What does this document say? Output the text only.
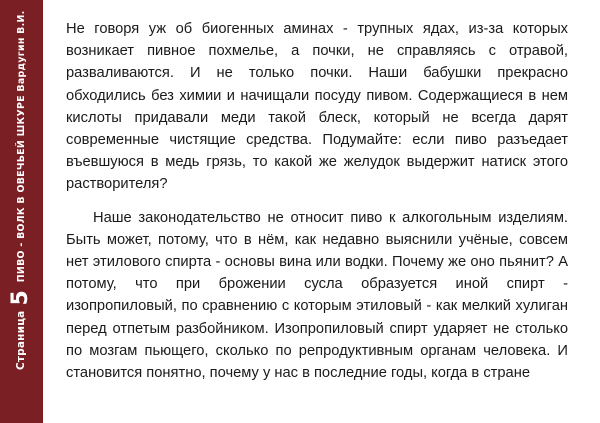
Страница
5
ПИВО - ВОЛК В ОВЕЧЬЕЙ ШКУРЕ Вардугин В.И.	Не говоря уж об биогенных аминах - трупных ядах, из-за которых возникает пивное похмелье, а почки, не справляясь с отравой, разваливаются. И не только почки. Наши бабушки прекрасно обходились без химии и начищали посуду пивом. Содержащиеся в нем кислоты придавали меди такой блеск, который не всегда дарят современные чистящие средства. Подумайте: если пиво разъедает въевшуюся в медь грязь, то какой же желудок выдержит натиск этого растворителя?

Наше законодательство не относит пиво к алкогольным изделиям. Быть может, потому, что в нём, как недавно выяснили учёные, совсем нет этилового спирта - основы вина или водки. Почему же оно пьянит? А потому, что при брожении сусла образуется иной спирт - изопропиловый, по сравнению с которым этиловый - как мелкий хулиган перед отпетым разбойником. Изопропиловый спирт ударяет не столько по мозгам пьющего, сколько по репродуктивным органам человека. И становится понятно, почему у нас в последние годы, когда в стране
